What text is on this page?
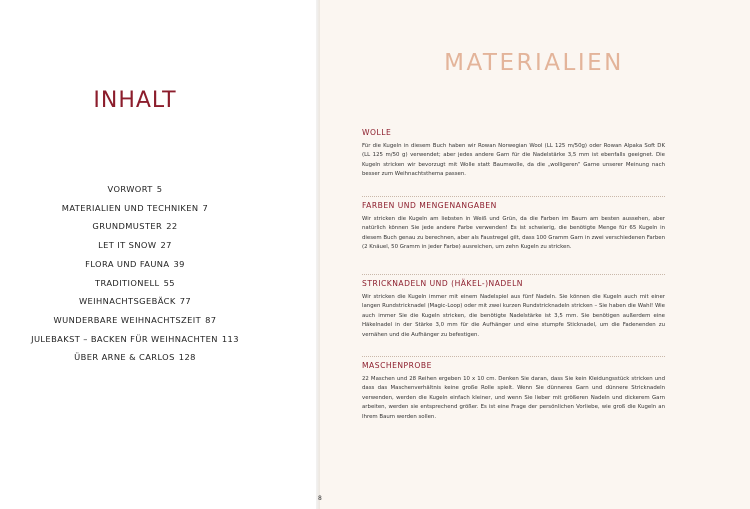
INHALT
VORWORT 5
MATERIALIEN UND TECHNIKEN 7
GRUNDMUSTER 22
LET IT SNOW 27
FLORA UND FAUNA 39
TRADITIONELL 55
WEIHNACHTSGEBÄCK 77
WUNDERBARE WEIHNACHTSZEIT 87
JULEBAKST – BACKEN FÜR WEIHNACHTEN 113
ÜBER ARNE & CARLOS 128
MATERIALIEN
WOLLE
Für die Kugeln in diesem Buch haben wir Rowan Norwegian Wool (LL 125 m/50g) oder Rowan Alpaka Soft DK (LL 125 m/50 g) verwendet; aber jedes andere Garn für die Nadelstärke 3,5 mm ist ebenfalls geeignet. Die Kugeln stricken wir bevorzugt mit Wolle statt Baumwolle, da die „wolligeren“ Garne unserer Meinung nach besser zum Weihnachtsthema passen.
FARBEN UND MENGENANGABEN
Wir stricken die Kugeln am liebsten in Weiß und Grün, da die Farben im Baum am besten aussehen, aber natürlich können Sie jede andere Farbe verwenden! Es ist schwierig, die benötigte Menge für 65 Kugeln in diesem Buch genau zu berechnen, aber als Faustregel gilt, dass 100 Gramm Garn in zwei verschiedenen Farben (2 Knäuel, 50 Gramm in jeder Farbe) ausreichen, um zehn Kugeln zu stricken.
STRICKNADELN UND (HÄKEL-)NADELN
Wir stricken die Kugeln immer mit einem Nadelspiel aus fünf Nadeln. Sie können die Kugeln auch mit einer langen Rundstricknadel (Magic-Loop) oder mit zwei kurzen Rundstricknadeln stricken – Sie haben die Wahl! Wie auch immer Sie die Kugeln stricken, die benötigte Nadelstärke ist 3,5 mm. Sie benötigen außerdem eine Häkelnadel in der Stärke 3,0 mm für die Aufhänger und eine stumpfe Sticknadel, um die Fadenenden zu vernähen und die Aufhänger zu befestigen.
MASCHENPROBE
22 Maschen und 28 Reihen ergeben 10 x 10 cm. Denken Sie daran, dass Sie kein Kleidungsstück stricken und dass das Maschenverhältnis keine große Rolle spielt. Wenn Sie dünneres Garn und dünnere Stricknadeln verwenden, werden die Kugeln einfach kleiner, und wenn Sie lieber mit größeren Nadeln und dickerem Garn arbeiten, werden sie entsprechend größer. Es ist eine Frage der persönlichen Vorliebe, wie groß die Kugeln an Ihrem Baum werden sollen.
8
